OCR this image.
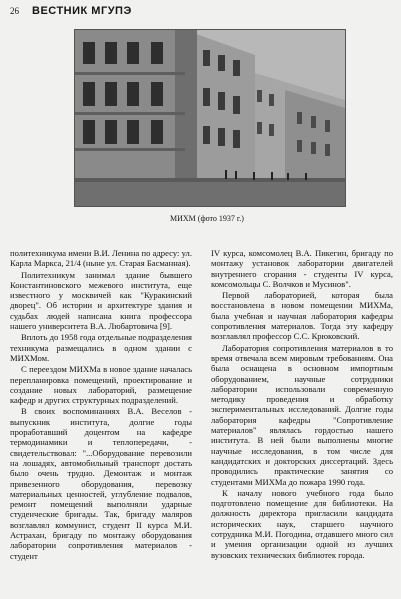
26 ВЕСТНИК МГУПЭ
МИХМ (фото 1937 г.)

политехникума имени В.И. Ленина по адресу: ул. Карла Маркса, 21/4 (ныне ул. Старая Басманная).

Политехникум занимал здание бывшего Константиновского межевого института, еще известного у москвичей как "Куракинский дворец". Об истории и архитектуре здания и судьбах людей написана книга профессора нашего университета В.А. Любартовича [9].

Вплоть до 1958 года отдельные подразделения техникума размещались в одном здании с МИХМом.

С переездом МИХМа в новое здание началась перепланировка помещений, проектирование и создание новых лабораторий, размещение кафедр и других структурных подразделений.

В своих воспоминаниях В.А. Веселов - выпускник института, долгие годы проработавший доцентом на кафедре термодинамики и теплопередачи, - свидетельствовал: "...Оборудование перевозили на лошадях, автомобильный транспорт достать было очень трудно. Демонтаж и монтаж привезенного оборудования, перевозку материальных ценностей, углубление подвалов, ремонт помещений выполняли ударные студенческие бригады. Так, бригаду маляров возглавлял коммунист, студент II курса М.И. Астрахан, бригаду по монтажу оборудования лаборатории сопротивления материалов - студент

IV курса, комсомолец В.А. Пикегин, бригаду по монтажу установок лаборатории двигателей внутреннего сгорания - студенты IV курса, комсомольцы С. Волчков и Мусинов".

Первой лабораторией, которая была восстановлена в новом помещении МИХМа, была учебная и научная лаборатория кафедры сопротивления материалов. Тогда эту кафедру возглавлял профессор С.С. Крюковский.

Лаборатория сопротивления материалов в то время отвечала всем мировым требованиям. Она была оснащена в основном импортным оборудованием, научные сотрудники лаборатории использовали современную методику проведения и обработку экспериментальных исследований. Долгие годы лаборатория кафедры "Сопротивление материалов" являлась гордостью нашего института. В ней были выполнены многие научные исследования, в том числе для кандидатских и докторских диссертаций. Здесь проводились практические занятия со студентами МИХМа до пожара 1990 года.

К началу нового учебного года было подготовлено помещение для библиотеки. На должность директора пригласили кандидата исторических наук, старшего научного сотрудника М.И. Погодина, отдавшего много сил и умения организации одной из лучших вузовских технических библиотек города.
